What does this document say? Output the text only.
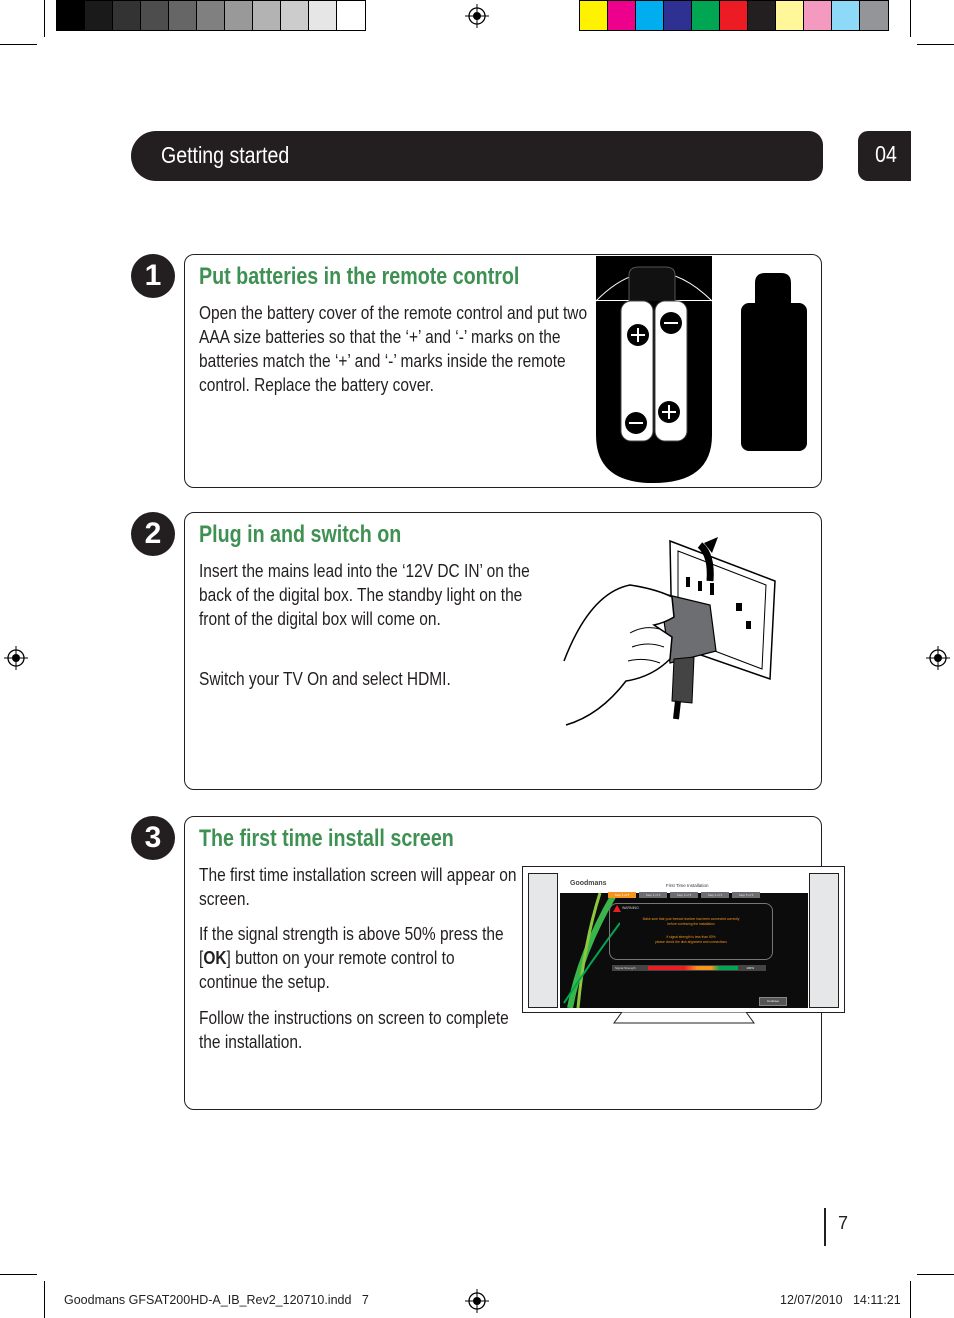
Getting started	04
1	Put batteries in the remote control
Open the battery cover of the remote control and put two AAA size batteries so that the ‘+’ and ‘-’ marks on the batteries match the ‘+’ and ‘-’ marks inside the remote control. Replace the battery cover.
2	Plug in and switch on
Insert the mains lead into the ‘12V DC IN’ on the back of the digital box. The standby light on the front of the digital box will come on.
Switch your TV On and select HDMI.
3	The first time install screen
The first time installation screen will appear on screen.
If the signal strength is above 50% press the [OK] button on your remote control to continue the setup.
Follow the instructions on screen to complete the installation.
Goodmans	First Time Installation
Step 1 of 5	Step 2 of 5	Step 3 of 5	Step 4 of 5	Step 5 of 5
WARNING
Make sure that your freesat receiver has been connected correctly
before continuing the installation
If signal strength is less than 50%
please check the dish alignment and connections
Signal Strength	100%
Continue
7
Goodmans GFSAT200HD-A_IB_Rev2_120710.indd   7	12/07/2010   14:11:21
